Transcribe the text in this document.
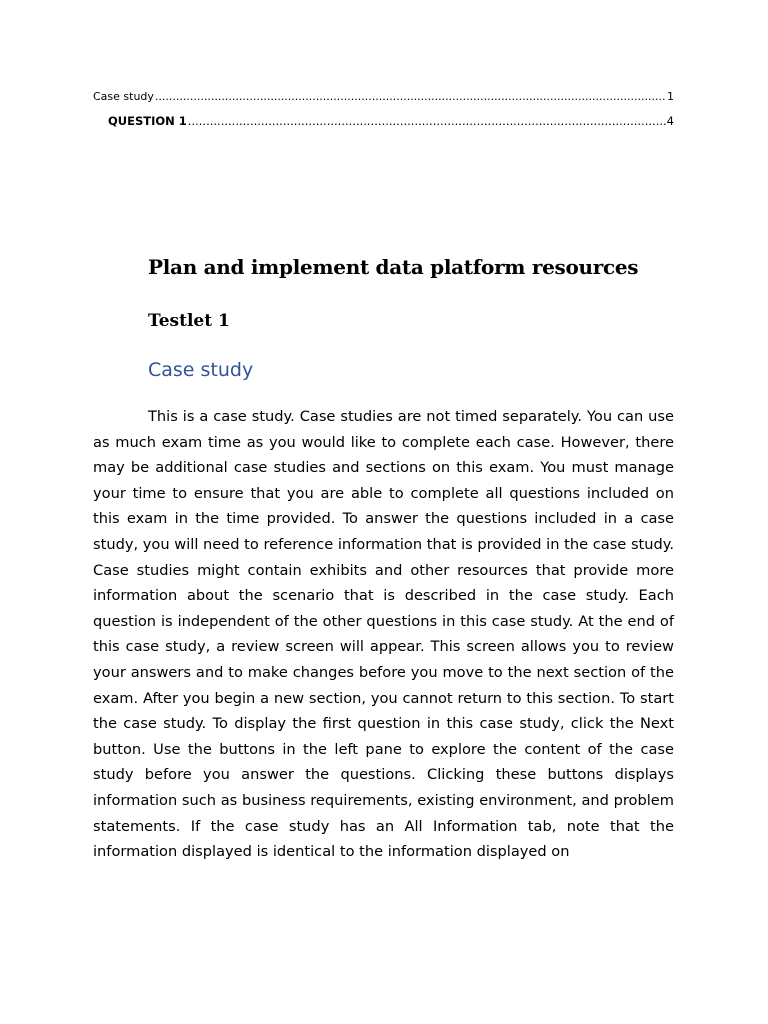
Case study .....	1
QUESTION 1 .....	4
Plan and implement data platform resources
Testlet 1
Case study

This is a case study. Case studies are not timed separately. You can use as much exam time as you would like to complete each case. However, there may be additional case studies and sections on this exam. You must manage your time to ensure that you are able to complete all questions included on this exam in the time provided. To answer the questions included in a case study, you will need to reference information that is provided in the case study. Case studies might contain exhibits and other resources that provide more information about the scenario that is described in the case study. Each question is independent of the other questions in this case study. At the end of this case study, a review screen will appear. This screen allows you to review your answers and to make changes before you move to the next section of the exam. After you begin a new section, you cannot return to this section. To start the case study. To display the first question in this case study, click the Next button. Use the buttons in the left pane to explore the content of the case study before you answer the questions. Clicking these buttons displays information such as business requirements, existing environment, and problem statements. If the case study has an All Information tab, note that the information displayed is identical to the information displayed on
